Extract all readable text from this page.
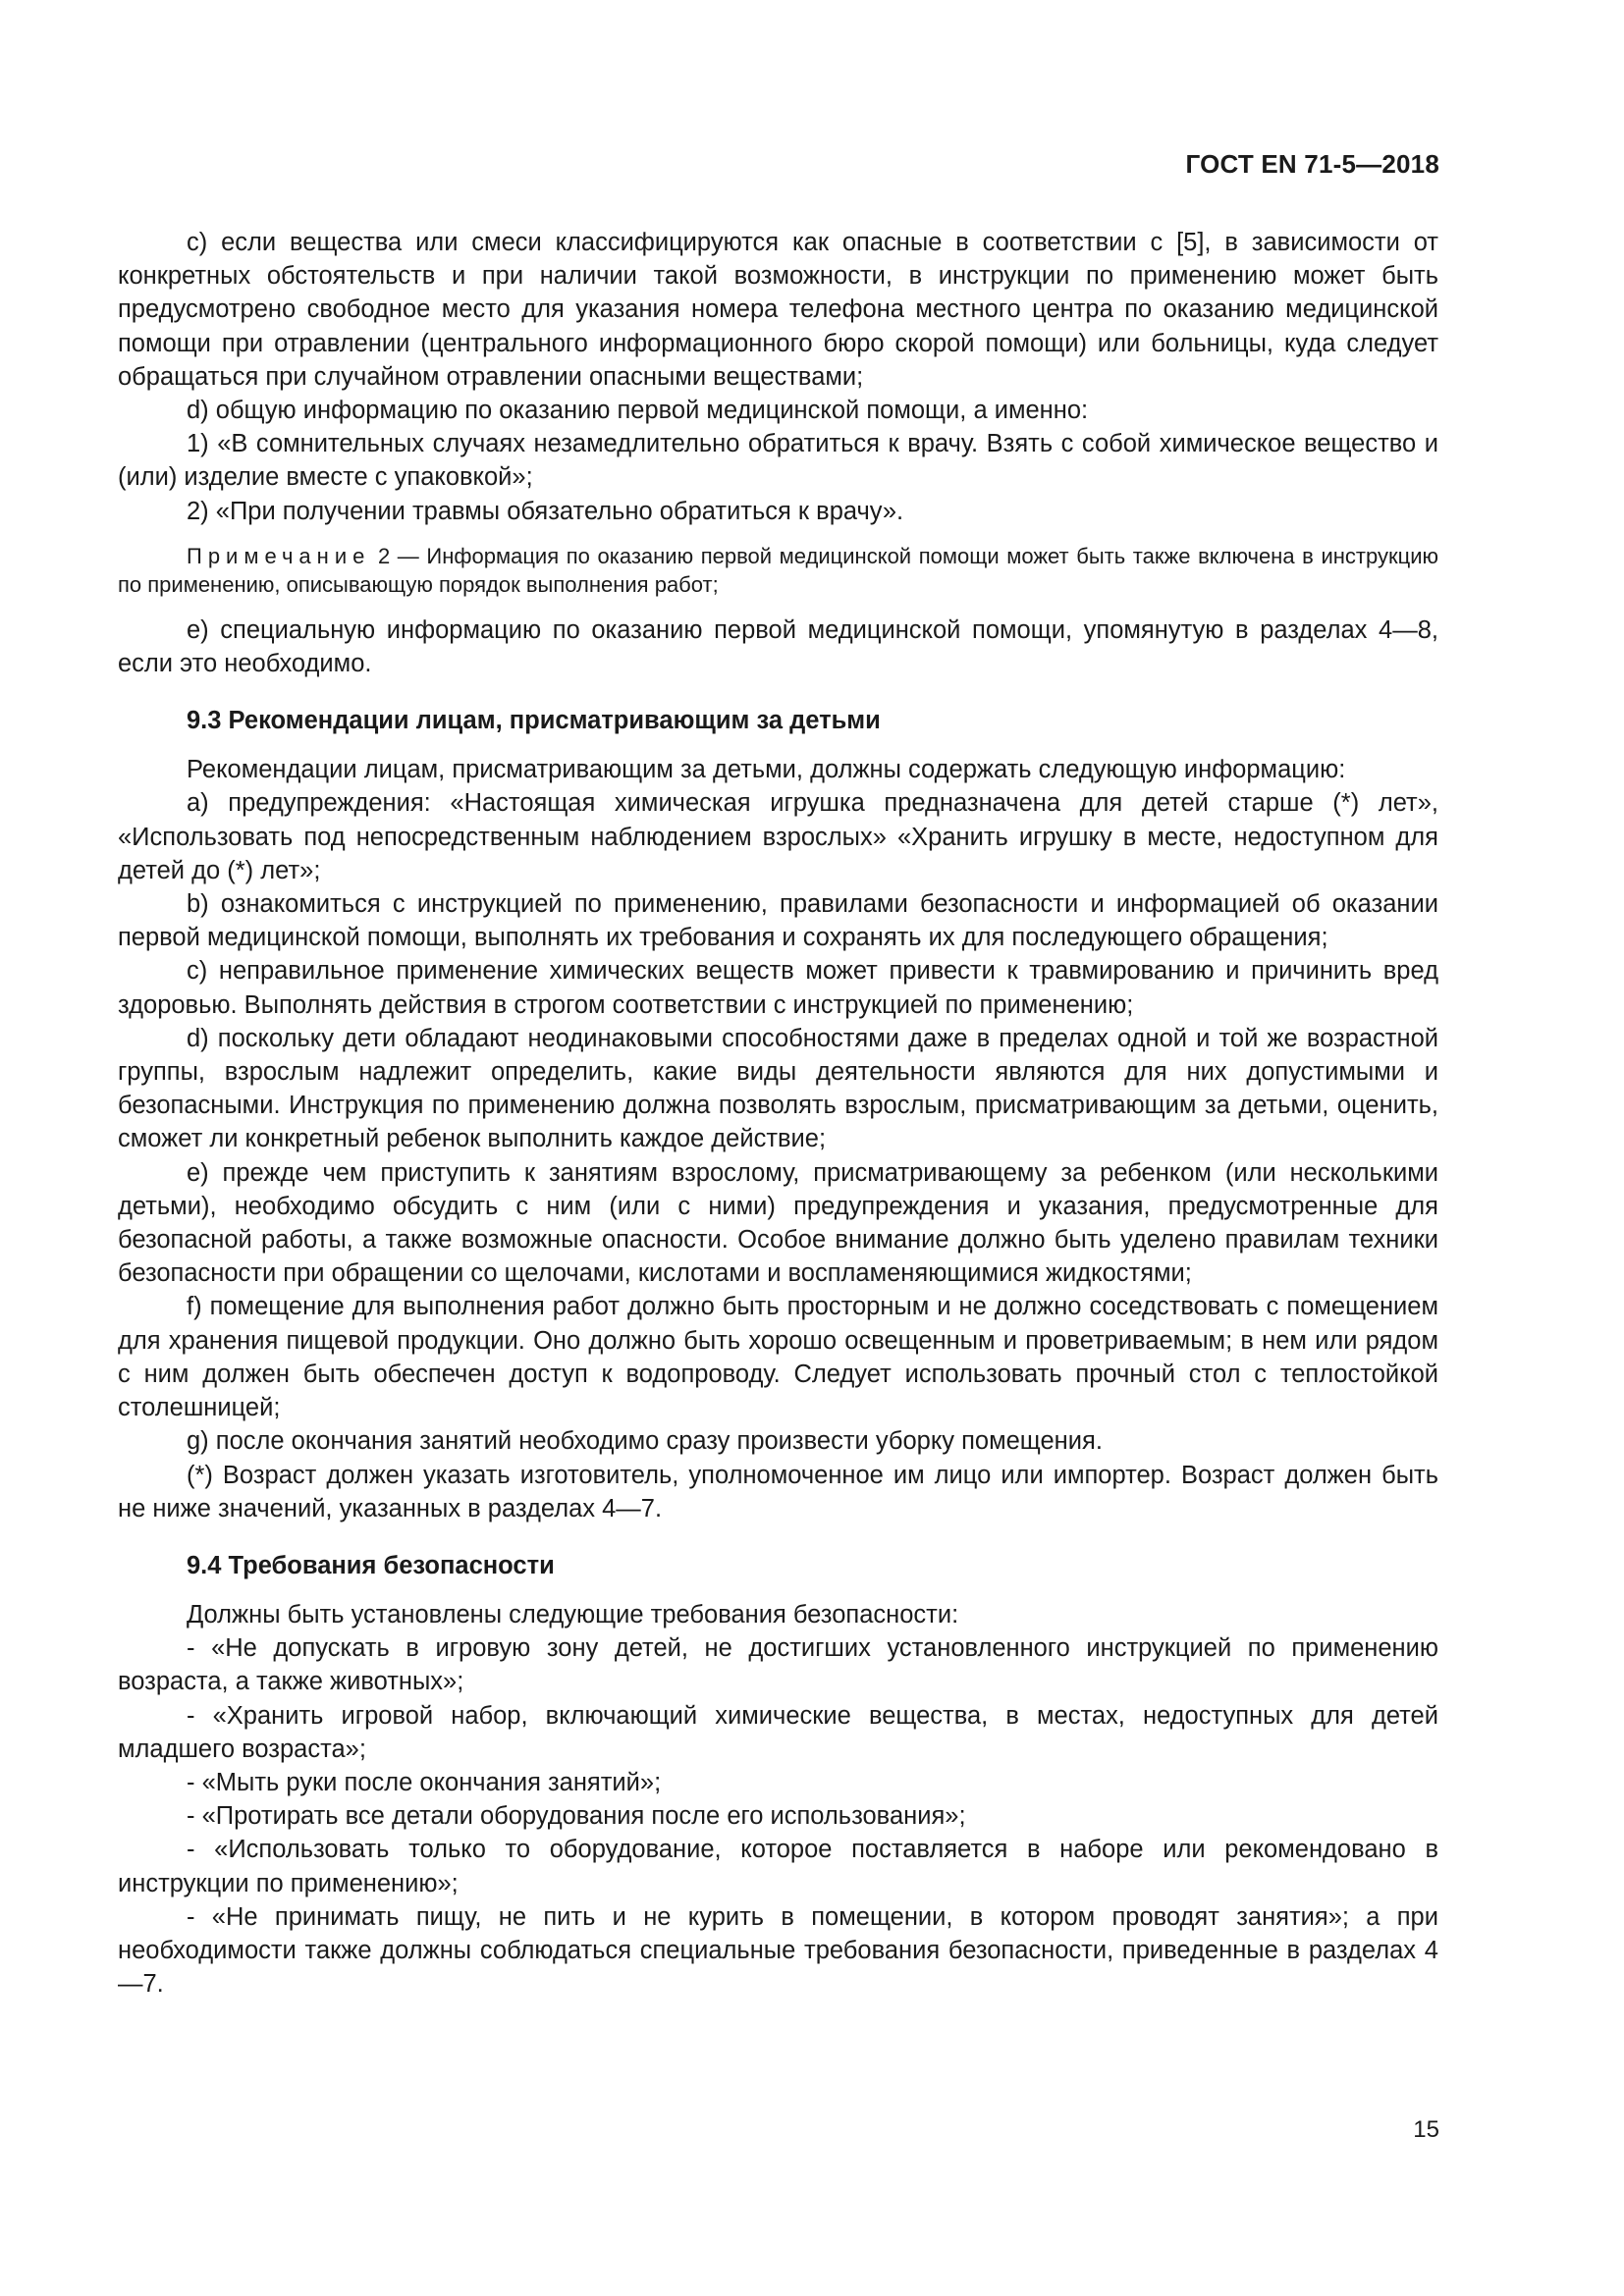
ГОСТ EN 71-5—2018

c) если вещества или смеси классифицируются как опасные в соответствии с [5], в зависимости от конкретных обстоятельств и при наличии такой возможности, в инструкции по применению может быть предусмотрено свободное место для указания номера телефона местного центра по оказанию медицинской помощи при отравлении (центрального информационного бюро скорой помощи) или больницы, куда следует обращаться при случайном отравлении опасными веществами;

d) общую информацию по оказанию первой медицинской помощи, а именно:

1) «В сомнительных случаях незамедлительно обратиться к врачу. Взять с собой химическое вещество и (или) изделие вместе с упаковкой»;

2) «При получении травмы обязательно обратиться к врачу».

Примечание 2 — Информация по оказанию первой медицинской помощи может быть также включена в инструкцию по применению, описывающую порядок выполнения работ;

e) специальную информацию по оказанию первой медицинской помощи, упомянутую в разделах 4—8, если это необходимо.

9.3 Рекомендации лицам, присматривающим за детьми

Рекомендации лицам, присматривающим за детьми, должны содержать следующую информацию:

a) предупреждения: «Настоящая химическая игрушка предназначена для детей старше (*) лет», «Использовать под непосредственным наблюдением взрослых» «Хранить игрушку в месте, недоступном для детей до (*) лет»;

b) ознакомиться с инструкцией по применению, правилами безопасности и информацией об оказании первой медицинской помощи, выполнять их требования и сохранять их для последующего обращения;

c) неправильное применение химических веществ может привести к травмированию и причинить вред здоровью. Выполнять действия в строгом соответствии с инструкцией по применению;

d) поскольку дети обладают неодинаковыми способностями даже в пределах одной и той же возрастной группы, взрослым надлежит определить, какие виды деятельности являются для них допустимыми и безопасными. Инструкция по применению должна позволять взрослым, присматривающим за детьми, оценить, сможет ли конкретный ребенок выполнить каждое действие;

e) прежде чем приступить к занятиям взрослому, присматривающему за ребенком (или несколькими детьми), необходимо обсудить с ним (или с ними) предупреждения и указания, предусмотренные для безопасной работы, а также возможные опасности. Особое внимание должно быть уделено правилам техники безопасности при обращении со щелочами, кислотами и воспламеняющимися жидкостями;

f) помещение для выполнения работ должно быть просторным и не должно соседствовать с помещением для хранения пищевой продукции. Оно должно быть хорошо освещенным и проветриваемым; в нем или рядом с ним должен быть обеспечен доступ к водопроводу. Следует использовать прочный стол с теплостойкой столешницей;

g) после окончания занятий необходимо сразу произвести уборку помещения.

(*) Возраст должен указать изготовитель, уполномоченное им лицо или импортер. Возраст должен быть не ниже значений, указанных в разделах 4—7.

9.4 Требования безопасности

Должны быть установлены следующие требования безопасности:

- «Не допускать в игровую зону детей, не достигших установленного инструкцией по применению возраста, а также животных»;

- «Хранить игровой набор, включающий химические вещества, в местах, недоступных для детей младшего возраста»;

- «Мыть руки после окончания занятий»;

- «Протирать все детали оборудования после его использования»;

- «Использовать только то оборудование, которое поставляется в наборе или рекомендовано в инструкции по применению»;

- «Не принимать пищу, не пить и не курить в помещении, в котором проводят занятия»; а при необходимости также должны соблюдаться специальные требования безопасности, приведенные в разделах 4—7.

15
